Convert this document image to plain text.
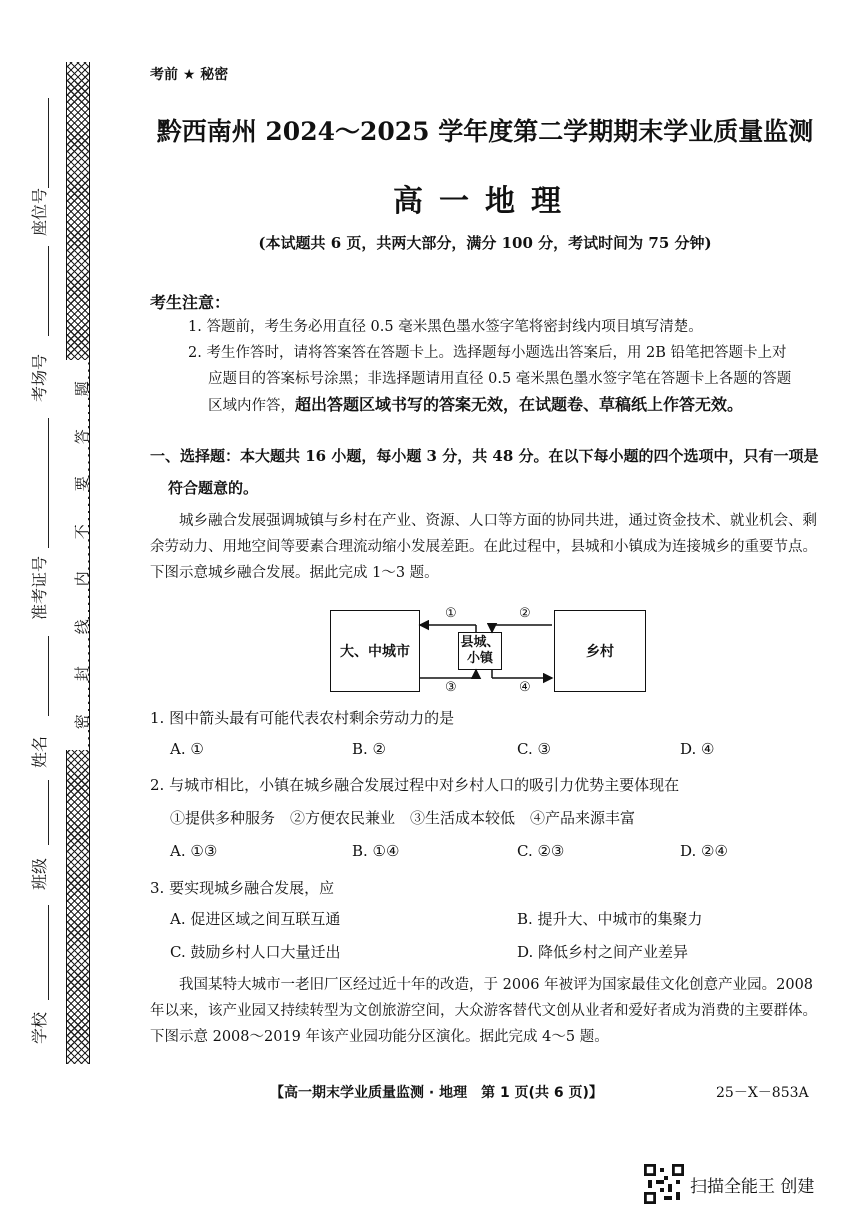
题
答
要
不
内
线
封
密
座位号
考场号
准考证号
姓名
班级
学校
考前 ★ 秘密
黔西南州 2024～2025 学年度第二学期期末学业质量监测
高一地理
(本试题共 6 页，共两大部分，满分 100 分，考试时间为 75 分钟)
考生注意：
1. 答题前，考生务必用直径 0.5 毫米黑色墨水签字笔将密封线内项目填写清楚。
2. 考生作答时，请将答案答在答题卡上。选择题每小题选出答案后，用 2B 铅笔把答题卡上对
应题目的答案标号涂黑；非选择题请用直径 0.5 毫米黑色墨水签字笔在答题卡上各题的答题
区域内作答，超出答题区域书写的答案无效，在试题卷、草稿纸上作答无效。
一、选择题：本大题共 16 小题，每小题 3 分，共 48 分。在以下每小题的四个选项中，只有一项是
符合题意的。
城乡融合发展强调城镇与乡村在产业、资源、人口等方面的协同共进，通过资金技术、就业机会、剩余劳动力、用地空间等要素合理流动缩小发展差距。在此过程中，县城和小镇成为连接城乡的重要节点。下图示意城乡融合发展。据此完成 1～3 题。
大、中城市
县城、
小镇	乡村
①	②
③	④
1. 图中箭头最有可能代表农村剩余劳动力的是
A. ①	B. ②	C. ③	D. ④
2. 与城市相比，小镇在城乡融合发展过程中对乡村人口的吸引力优势主要体现在
①提供多种服务　②方便农民兼业　③生活成本较低　④产品来源丰富
A. ①③	B. ①④	C. ②③	D. ②④
3. 要实现城乡融合发展，应
A. 促进区域之间互联互通	B. 提升大、中城市的集聚力
C. 鼓励乡村人口大量迁出	D. 降低乡村之间产业差异
我国某特大城市一老旧厂区经过近十年的改造，于 2006 年被评为国家最佳文化创意产业园。2008 年以来，该产业园又持续转型为文创旅游空间，大众游客替代文创从业者和爱好者成为消费的主要群体。下图示意 2008～2019 年该产业园功能分区演化。据此完成 4～5 题。
【高一期末学业质量监测 · 地理　第 1 页(共 6 页)】	25－X－853A
扫描全能王 创建
